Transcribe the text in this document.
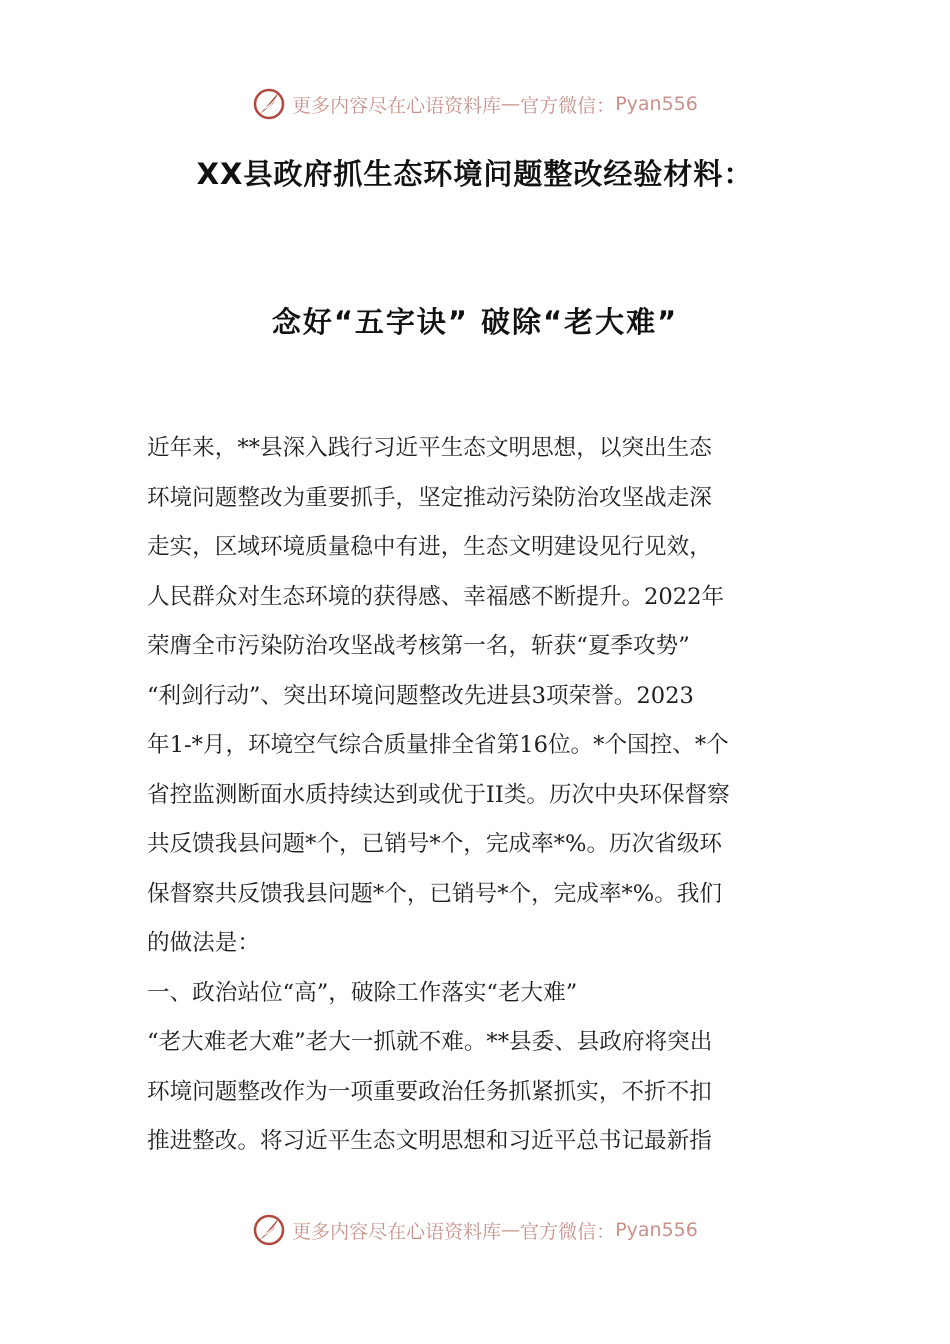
更多内容尽在心语资料库 — 官方微信： Pyan556
XX县政府抓生态环境问题整改经验材料：
念好“五字诀” 破除“老大难”
近年来，**县深入践行习近平生态文明思想，以突出生态
环境问题整改为重要抓手，坚定推动污染防治攻坚战走深
走实，区域环境质量稳中有进，生态文明建设见行见效，
人民群众对生态环境的获得感、幸福感不断提升。2022年
荣膺全市污染防治攻坚战考核第一名，斩获“夏季攻势”
“利剑行动”、突出环境问题整改先进县3项荣誉。2023
年1-*月，环境空气综合质量排全省第16位。*个国控、*个
省控监测断面水质持续达到或优于II类。历次中央环保督察
共反馈我县问题*个，已销号*个，完成率*%。历次省级环
保督察共反馈我县问题*个，已销号*个，完成率*%。我们
的做法是：
一、政治站位“高”，破除工作落实“老大难”
“老大难老大难”老大一抓就不难。**县委、县政府将突出
环境问题整改作为一项重要政治任务抓紧抓实，不折不扣
推进整改。将习近平生态文明思想和习近平总书记最新指
更多内容尽在心语资料库 — 官方微信： Pyan556
